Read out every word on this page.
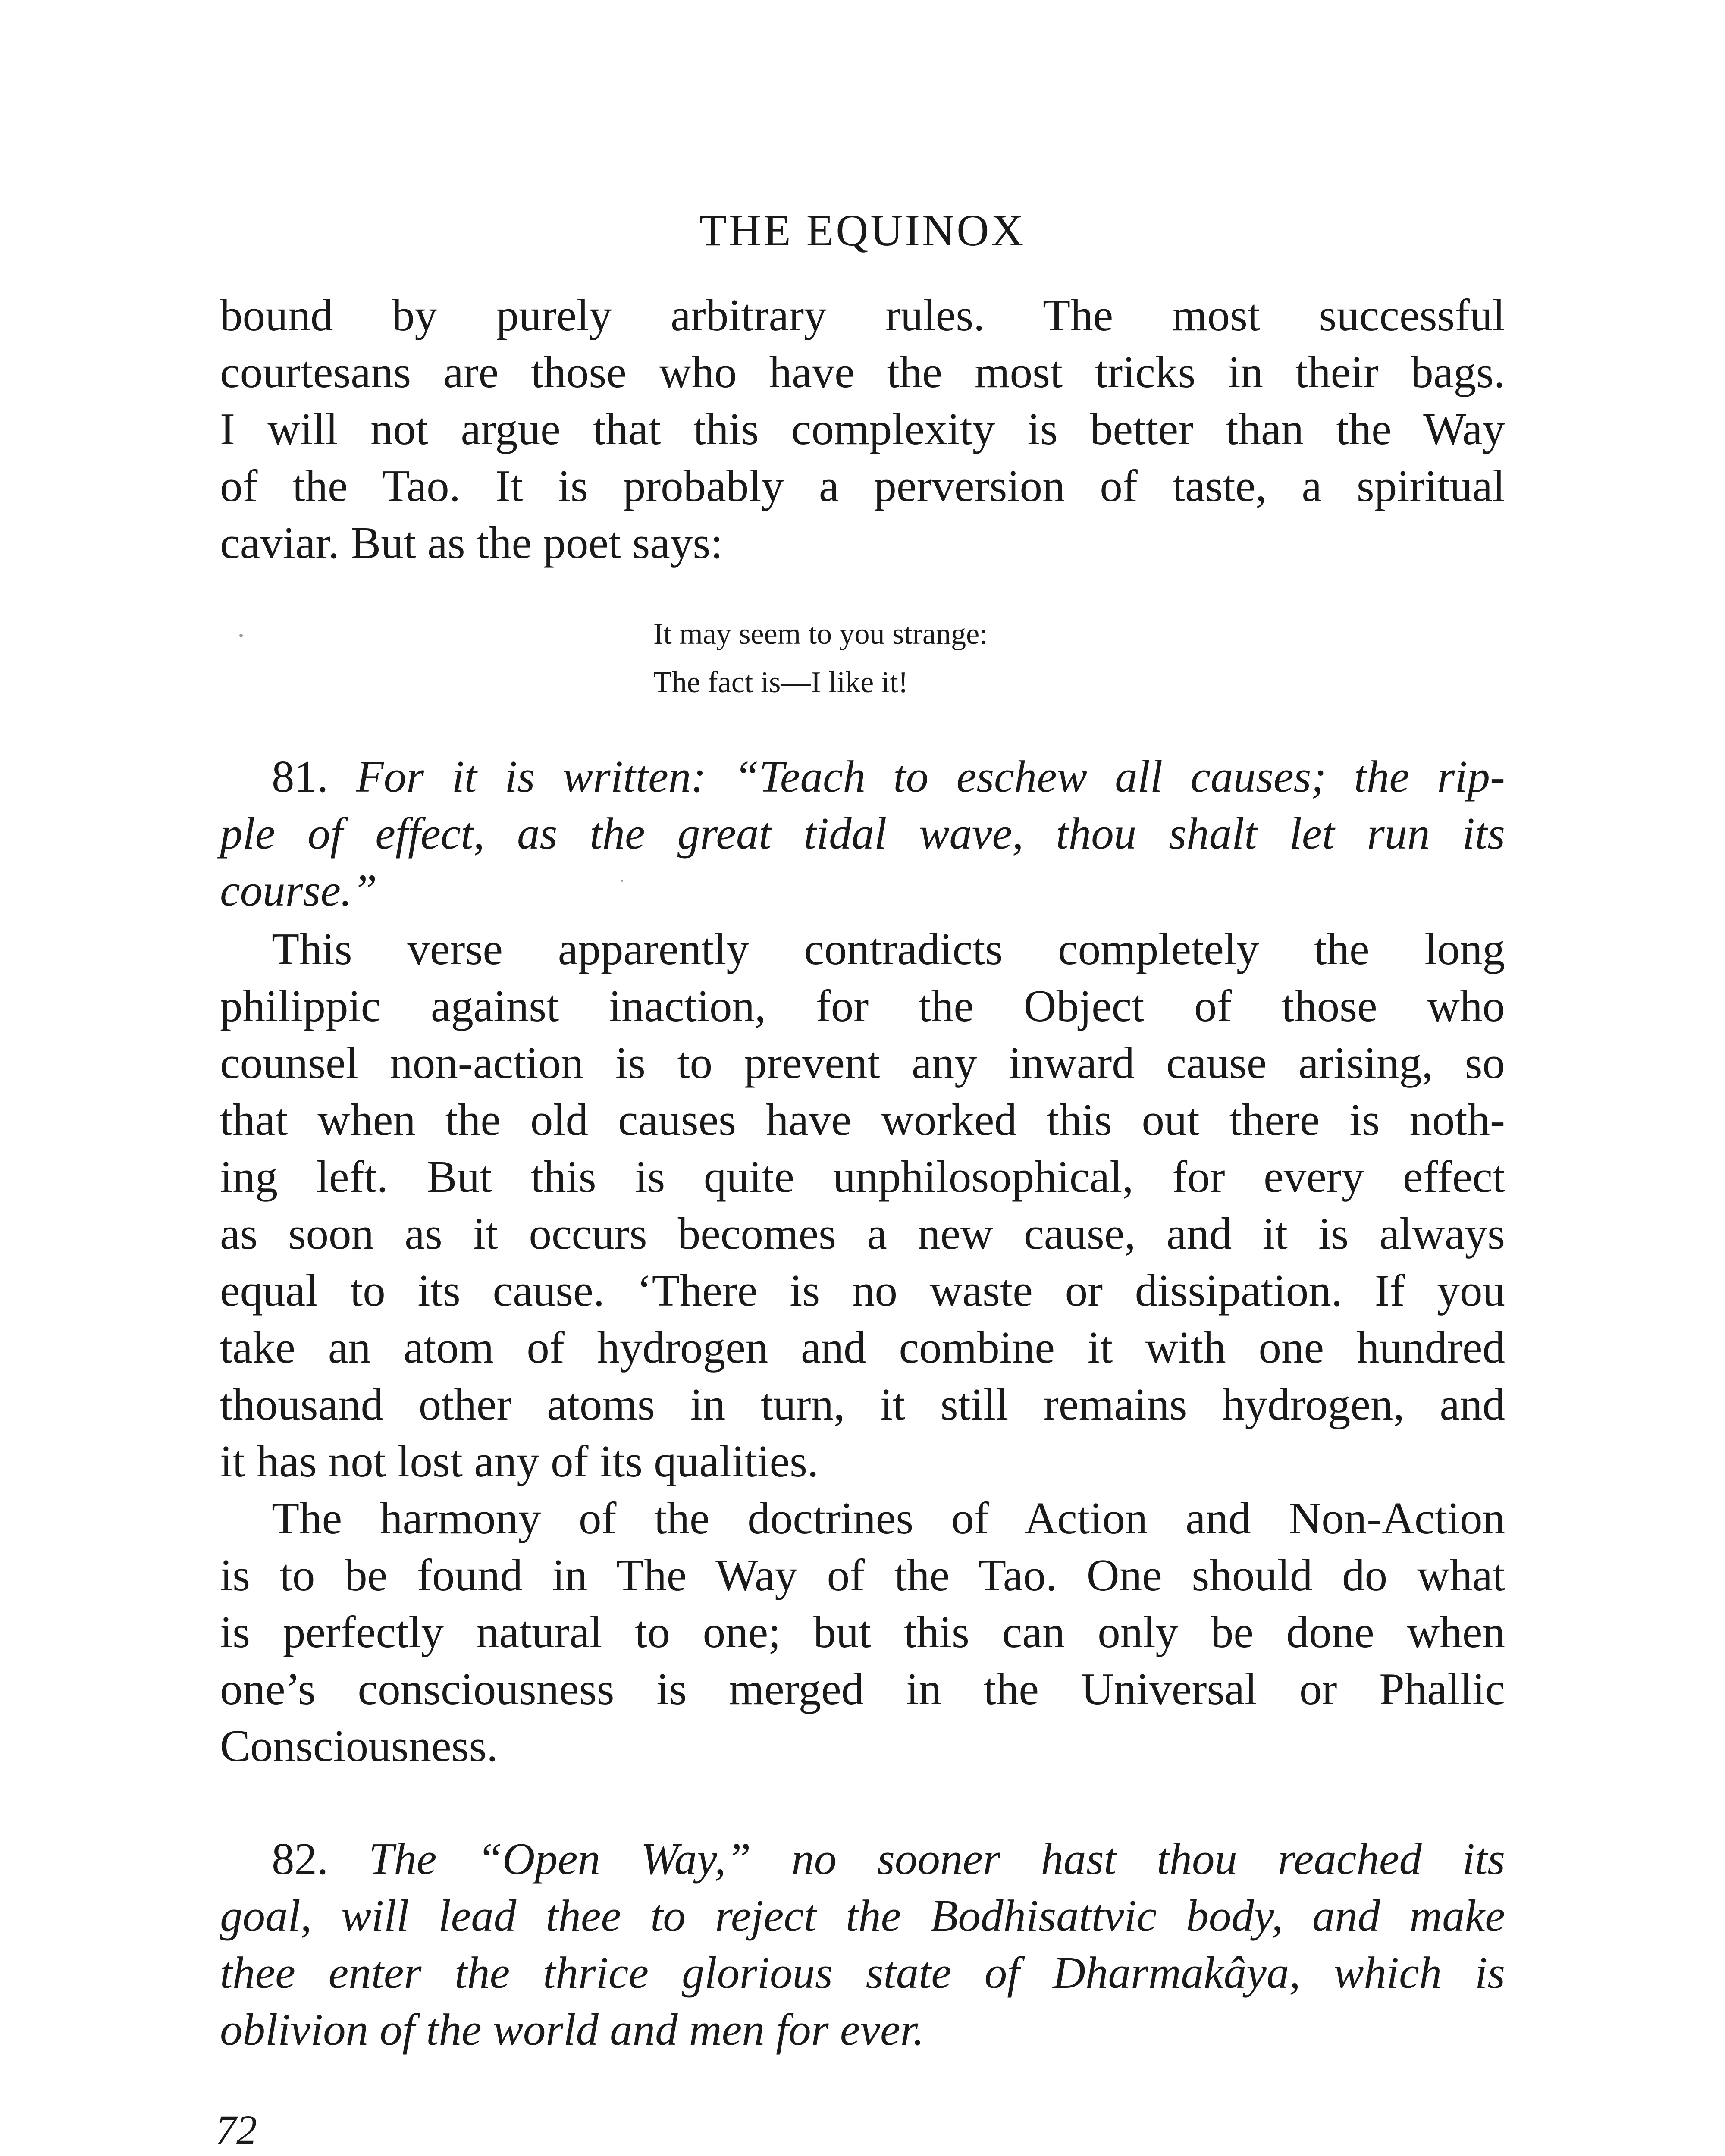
THE EQUINOX
bound by purely arbitrary rules. The most successful
courtesans are those who have the most tricks in their bags.
I will not argue that this complexity is better than the Way
of the Tao. It is probably a perversion of taste, a spiritual
caviar. But as the poet says:
It may seem to you strange:
The fact is—I like it!
81. For it is written: “Teach to eschew all causes; the rip-
ple of effect, as the great tidal wave, thou shalt let run its
course.”
This verse apparently contradicts completely the long
philippic against inaction, for the Object of those who
counsel non-action is to prevent any inward cause arising, so
that when the old causes have worked this out there is noth-
ing left. But this is quite unphilosophical, for every effect
as soon as it occurs becomes a new cause, and it is always
equal to its cause. ‘There is no waste or dissipation. If you
take an atom of hydrogen and combine it with one hundred
thousand other atoms in turn, it still remains hydrogen, and
it has not lost any of its qualities.
The harmony of the doctrines of Action and Non-Action
is to be found in The Way of the Tao. One should do what
is perfectly natural to one; but this can only be done when
one’s consciousness is merged in the Universal or Phallic
Consciousness.
82. The “Open Way,” no sooner hast thou reached its
goal, will lead thee to reject the Bodhisattvic body, and make
thee enter the thrice glorious state of Dharmakâya, which is
oblivion of the world and men for ever.
72
